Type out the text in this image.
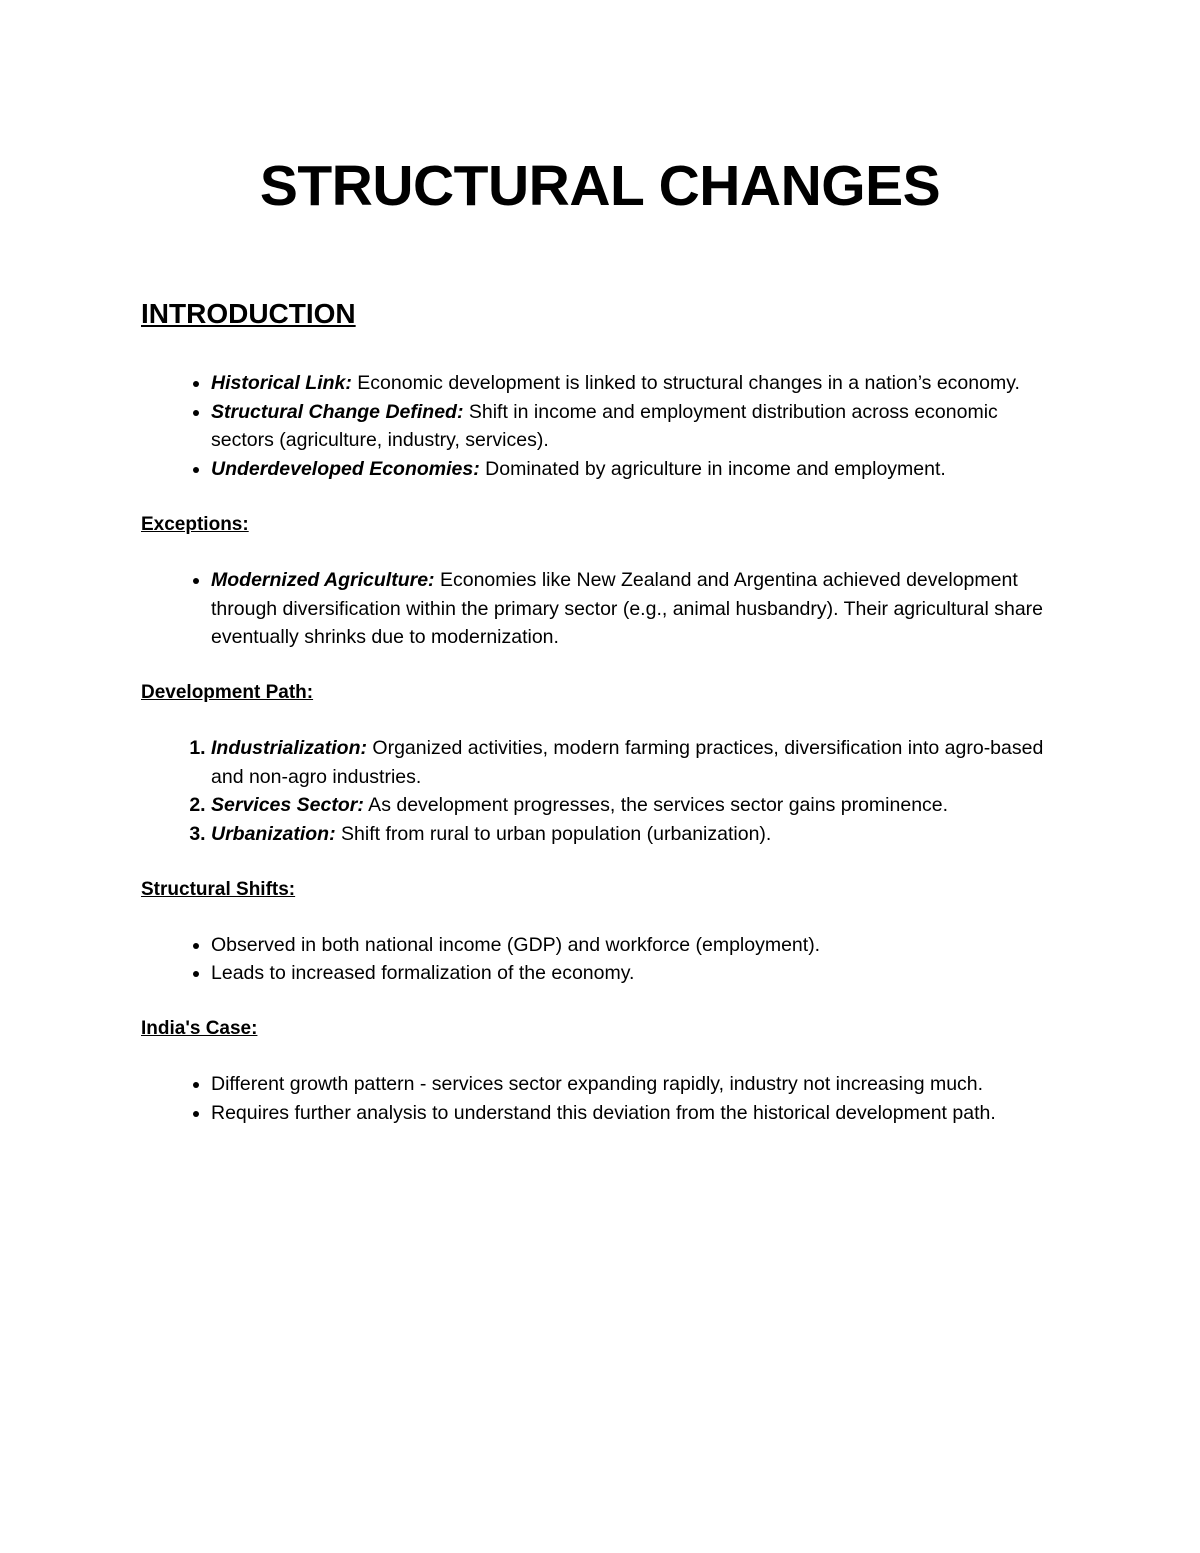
STRUCTURAL CHANGES
INTRODUCTION
• Historical Link: Economic development is linked to structural changes in a nation’s economy.
• Structural Change Defined: Shift in income and employment distribution across economic sectors (agriculture, industry, services).
• Underdeveloped Economies: Dominated by agriculture in income and employment.
Exceptions:
• Modernized Agriculture: Economies like New Zealand and Argentina achieved development through diversification within the primary sector (e.g., animal husbandry). Their agricultural share eventually shrinks due to modernization.
Development Path:
1. Industrialization: Organized activities, modern farming practices, diversification into agro-based and non-agro industries.
2. Services Sector: As development progresses, the services sector gains prominence.
3. Urbanization: Shift from rural to urban population (urbanization).
Structural Shifts:
• Observed in both national income (GDP) and workforce (employment).
• Leads to increased formalization of the economy.
India's Case:
• Different growth pattern - services sector expanding rapidly, industry not increasing much.
• Requires further analysis to understand this deviation from the historical development path.
